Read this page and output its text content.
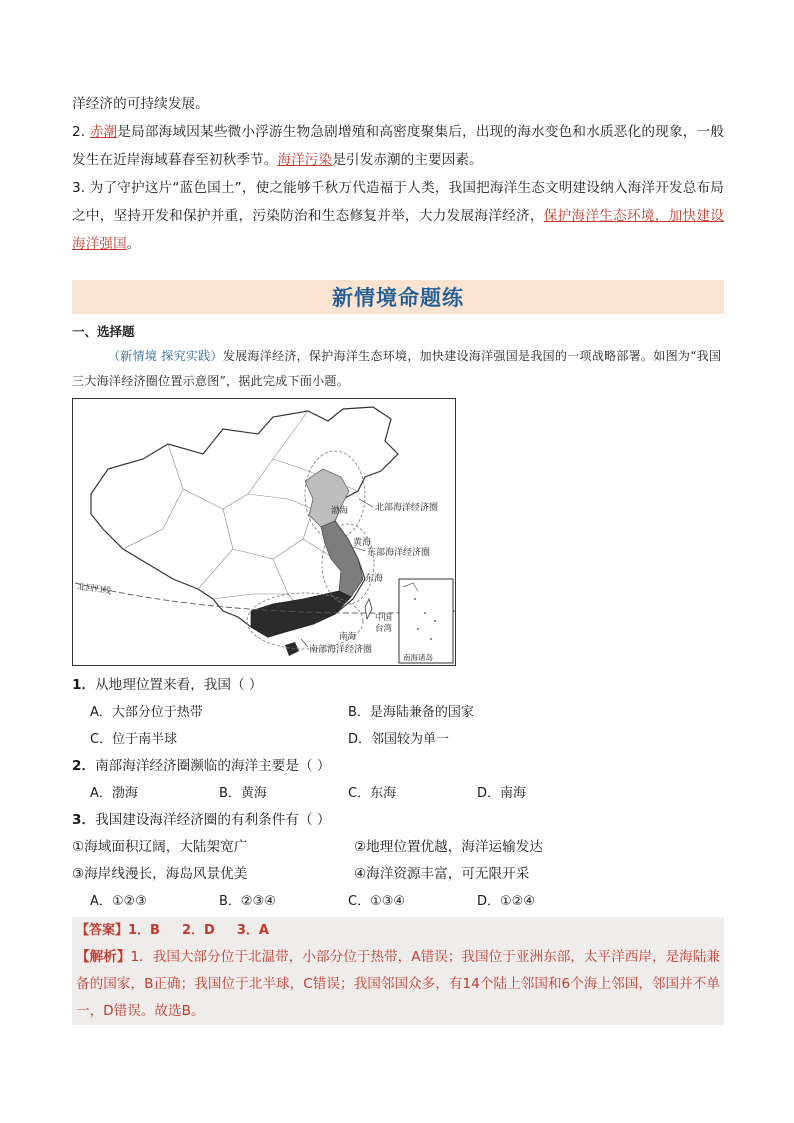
洋经济的可持续发展。

2. 赤潮是局部海域因某些微小浮游生物急剧增殖和高密度聚集后，出现的海水变色和水质恶化的现象，一般发生在近岸海域暮春至初秋季节。海洋污染是引发赤潮的主要因素。

3. 为了守护这片“蓝色国土”，使之能够千秋万代造福于人类，我国把海洋生态文明建设纳入海洋开发总布局之中，坚持开发和保护并重，污染防治和生态修复并举，大力发展海洋经济，保护海洋生态环境，加快建设海洋强国。

新情境命题练
一、选择题

（新情境 探究实践）发展海洋经济，保护海洋生态环境，加快建设海洋强国是我国的一项战略部署。如图为“我国三大海洋经济圈位置示意图”，据此完成下面小题。

北部海洋经济圈
渤海
黄海
东部海洋经济圈
东海
北回归线
中国
台湾
南海
南部海洋经济圈
南海诸岛

1．从地理位置来看，我国（ ）

A．大部分位于热带	B．是海陆兼备的国家
C．位于南半球	D．邻国较为单一

2．南部海洋经济圈濒临的海洋主要是（ ）

A．渤海	B．黄海	C．东海	D．南海

3．我国建设海洋经济圈的有利条件有（ ）

①海域面积辽阔，大陆架宽广	②地理位置优越，海洋运输发达
③海岸线漫长，海岛风景优美	④海洋资源丰富，可无限开采
A．①②③	B．②③④	C．①③④	D．①②④

【答案】1．B 2．D 3．A

【解析】1．我国大部分位于北温带，小部分位于热带，A错误；我国位于亚洲东部，太平洋西岸，是海陆兼备的国家，B正确；我国位于北半球，C错误；我国邻国众多，有14个陆上邻国和6个海上邻国，邻国并不单一，D错误。故选B。
